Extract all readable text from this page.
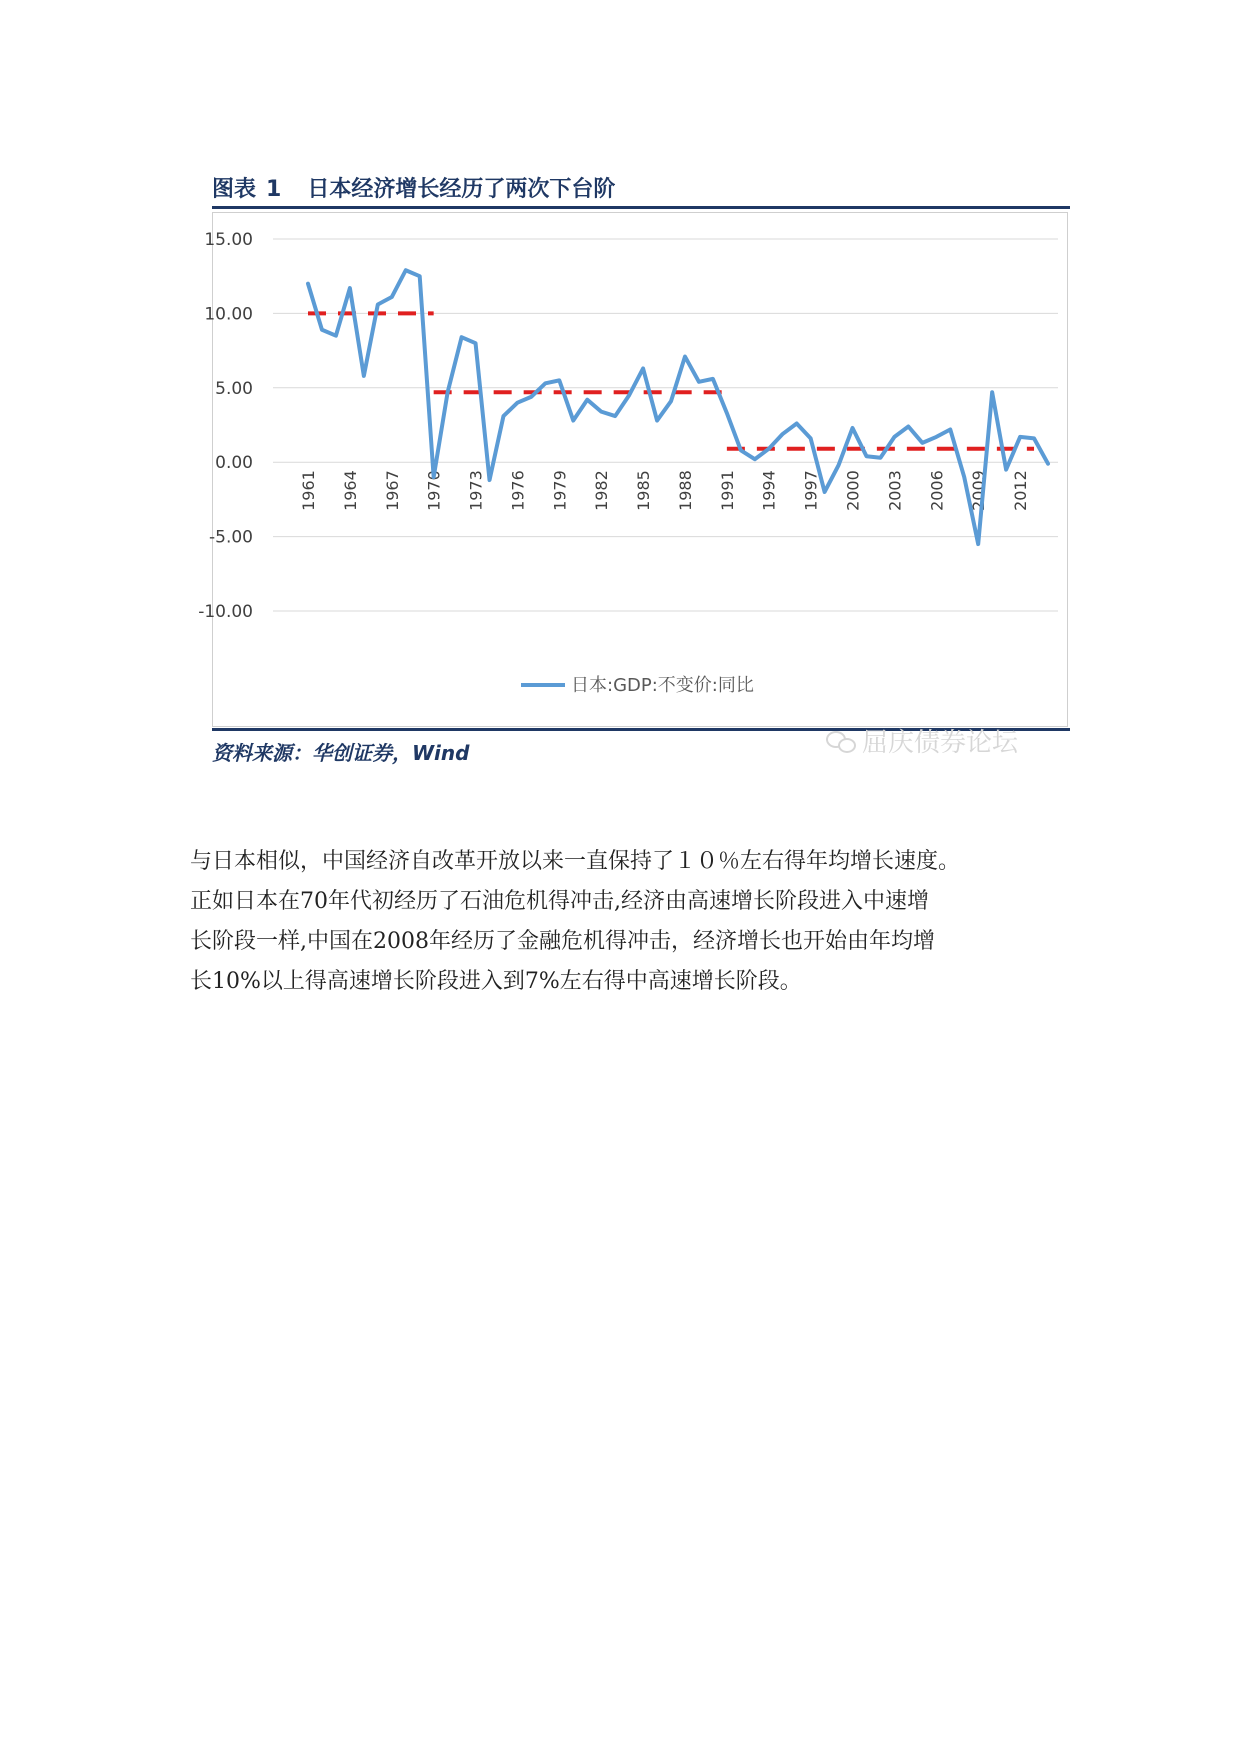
图表 1 日本经济增长经历了两次下台阶
15.00
10.00
5.00
0.00
-5.00
-10.00
1961 1964 1967 1970 1973 1976 1979 1982 1985 1988 1991 1994 1997 2000 2003 2006 2009 2012
日本:GDP:不变价:同比
资料来源：华创证券，Wind	屈庆债券论坛

与日本相似，中国经济自改革开放以来一直保持了１０％左右得年均增长速度。

正如日本在70年代初经历了石油危机得冲击,经济由高速增长阶段进入中速增

长阶段一样,中国在2008年经历了金融危机得冲击，经济增长也开始由年均增

长10%以上得高速增长阶段进入到7%左右得中高速增长阶段。
